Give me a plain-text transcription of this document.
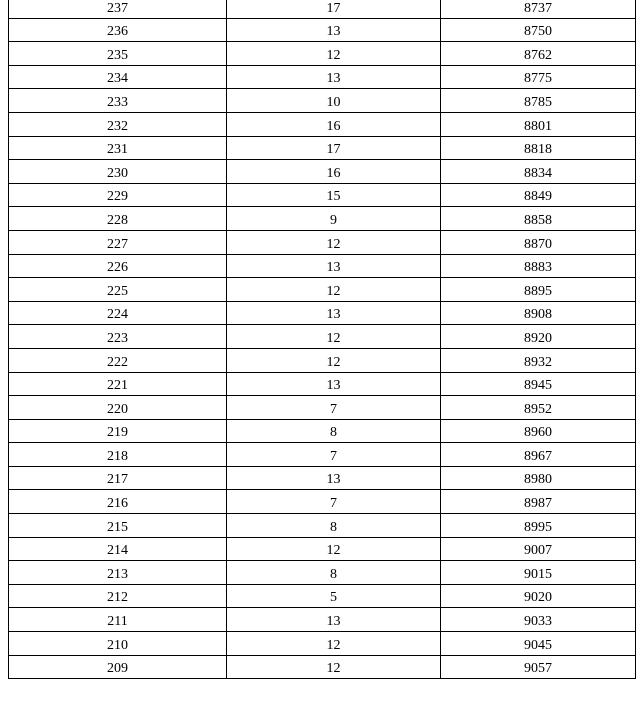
237	17	8737
236	13	8750
235	12	8762
234	13	8775
233	10	8785
232	16	8801
231	17	8818
230	16	8834
229	15	8849
228	9	8858
227	12	8870
226	13	8883
225	12	8895
224	13	8908
223	12	8920
222	12	8932
221	13	8945
220	7	8952
219	8	8960
218	7	8967
217	13	8980
216	7	8987
215	8	8995
214	12	9007
213	8	9015
212	5	9020
211	13	9033
210	12	9045
209	12	9057
